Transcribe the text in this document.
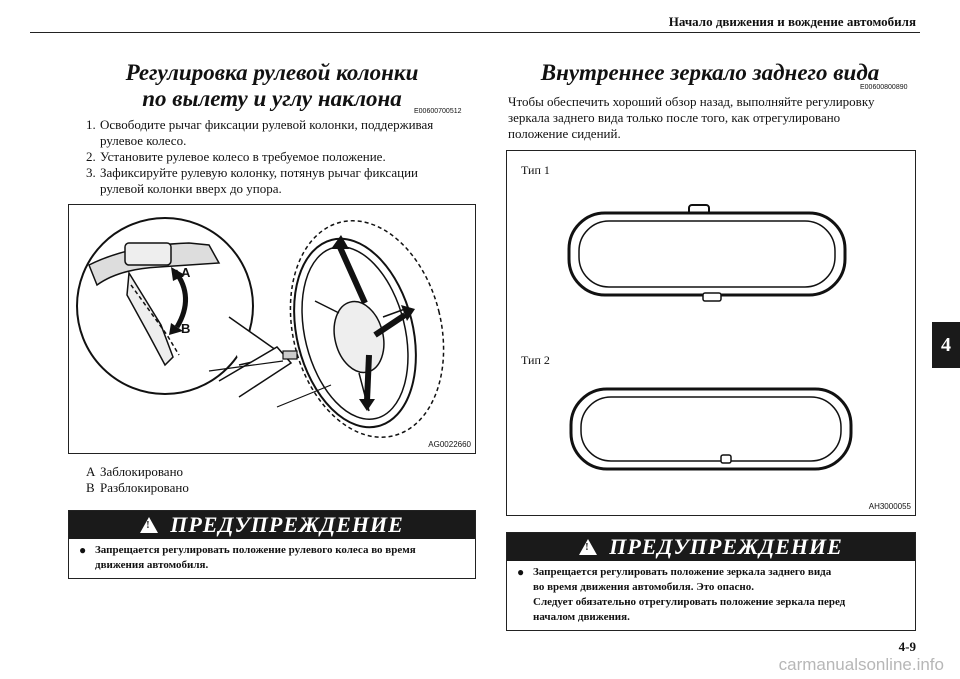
Начало движения и вождение автомобиля
4
Регулировка рулевой колонки
по вылету и углу наклона
E00600700512
1. Освободите рычаг фиксации рулевой колонки, поддерживая
рулевое колесо.
2. Установите рулевое колесо в требуемое положение.
3. Зафиксируйте рулевую колонку, потянув рычаг фиксации
рулевой колонки вверх до упора.
A
B
AG0022660
A Заблокировано
B Разблокировано
! ПРЕДУПРЕЖДЕНИЕ
● Запрещается регулировать положение рулевого колеса во время
движения автомобиля.
Внутреннее зеркало заднего вида
E00600800890
Чтобы обеспечить хороший обзор назад, выполняйте регулировку
зеркала заднего вида только после того, как отрегулировано
положение сидений.
Тип 1
Тип 2
AH3000055
! ПРЕДУПРЕЖДЕНИЕ
● Запрещается регулировать положение зеркала заднего вида
во время движения автомобиля. Это опасно.
Следует обязательно отрегулировать положение зеркала перед
началом движения.
4-9
carmanualsonline.info
